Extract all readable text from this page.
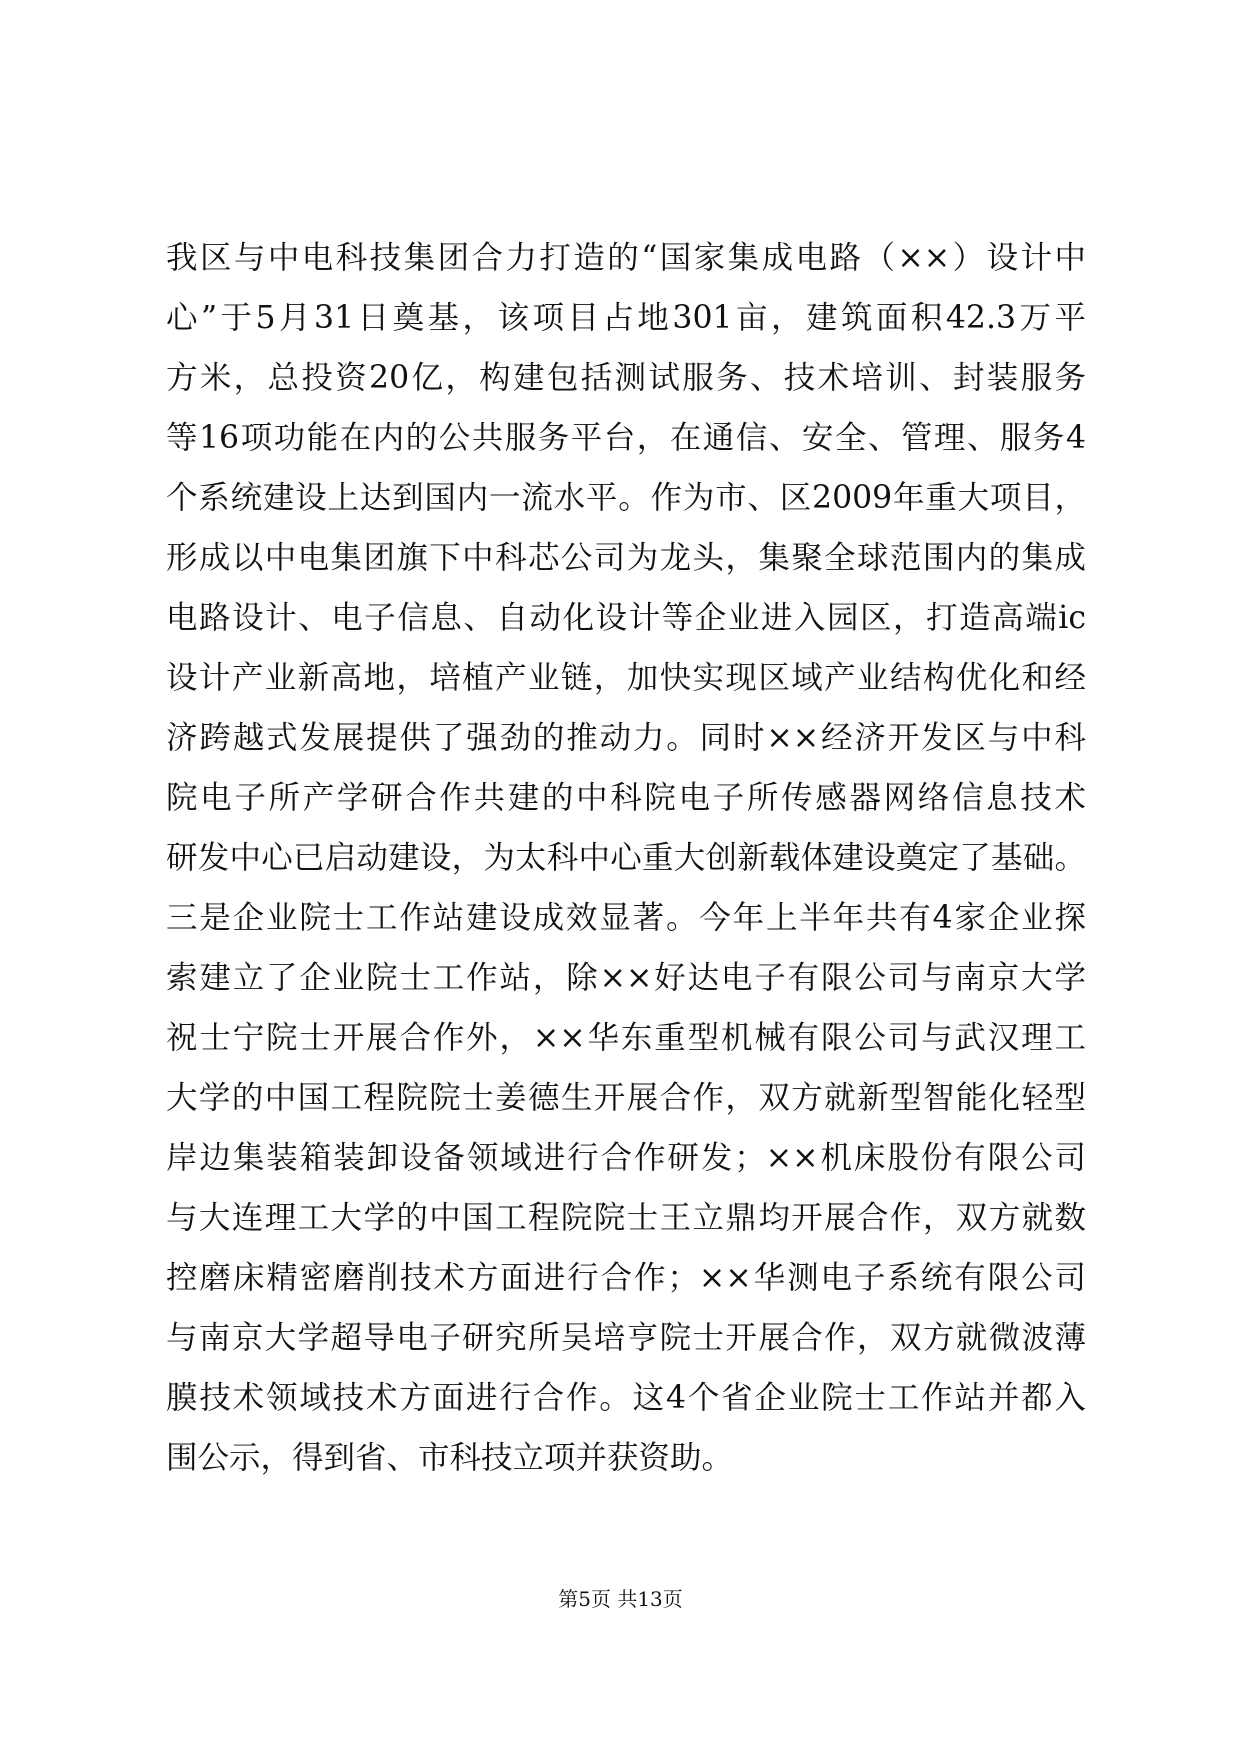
我区与中电科技集团合力打造的“国家集成电路（××）设计中
心”于5月31日奠基，该项目占地301亩，建筑面积42.3万平
方米，总投资20亿，构建包括测试服务、技术培训、封装服务
等16项功能在内的公共服务平台，在通信、安全、管理、服务4
个系统建设上达到国内一流水平。作为市、区2009年重大项目，
形成以中电集团旗下中科芯公司为龙头，集聚全球范围内的集成
电路设计、电子信息、自动化设计等企业进入园区，打造高端ic
设计产业新高地，培植产业链，加快实现区域产业结构优化和经
济跨越式发展提供了强劲的推动力。同时××经济开发区与中科
院电子所产学研合作共建的中科院电子所传感器网络信息技术
研发中心已启动建设，为太科中心重大创新载体建设奠定了基础。
三是企业院士工作站建设成效显著。今年上半年共有4家企业探
索建立了企业院士工作站，除××好达电子有限公司与南京大学
祝士宁院士开展合作外，××华东重型机械有限公司与武汉理工
大学的中国工程院院士姜德生开展合作，双方就新型智能化轻型
岸边集装箱装卸设备领域进行合作研发；××机床股份有限公司
与大连理工大学的中国工程院院士王立鼎均开展合作，双方就数
控磨床精密磨削技术方面进行合作；××华测电子系统有限公司
与南京大学超导电子研究所吴培亨院士开展合作，双方就微波薄
膜技术领域技术方面进行合作。这4个省企业院士工作站并都入
围公示，得到省、市科技立项并获资助。
第5页 共13页
